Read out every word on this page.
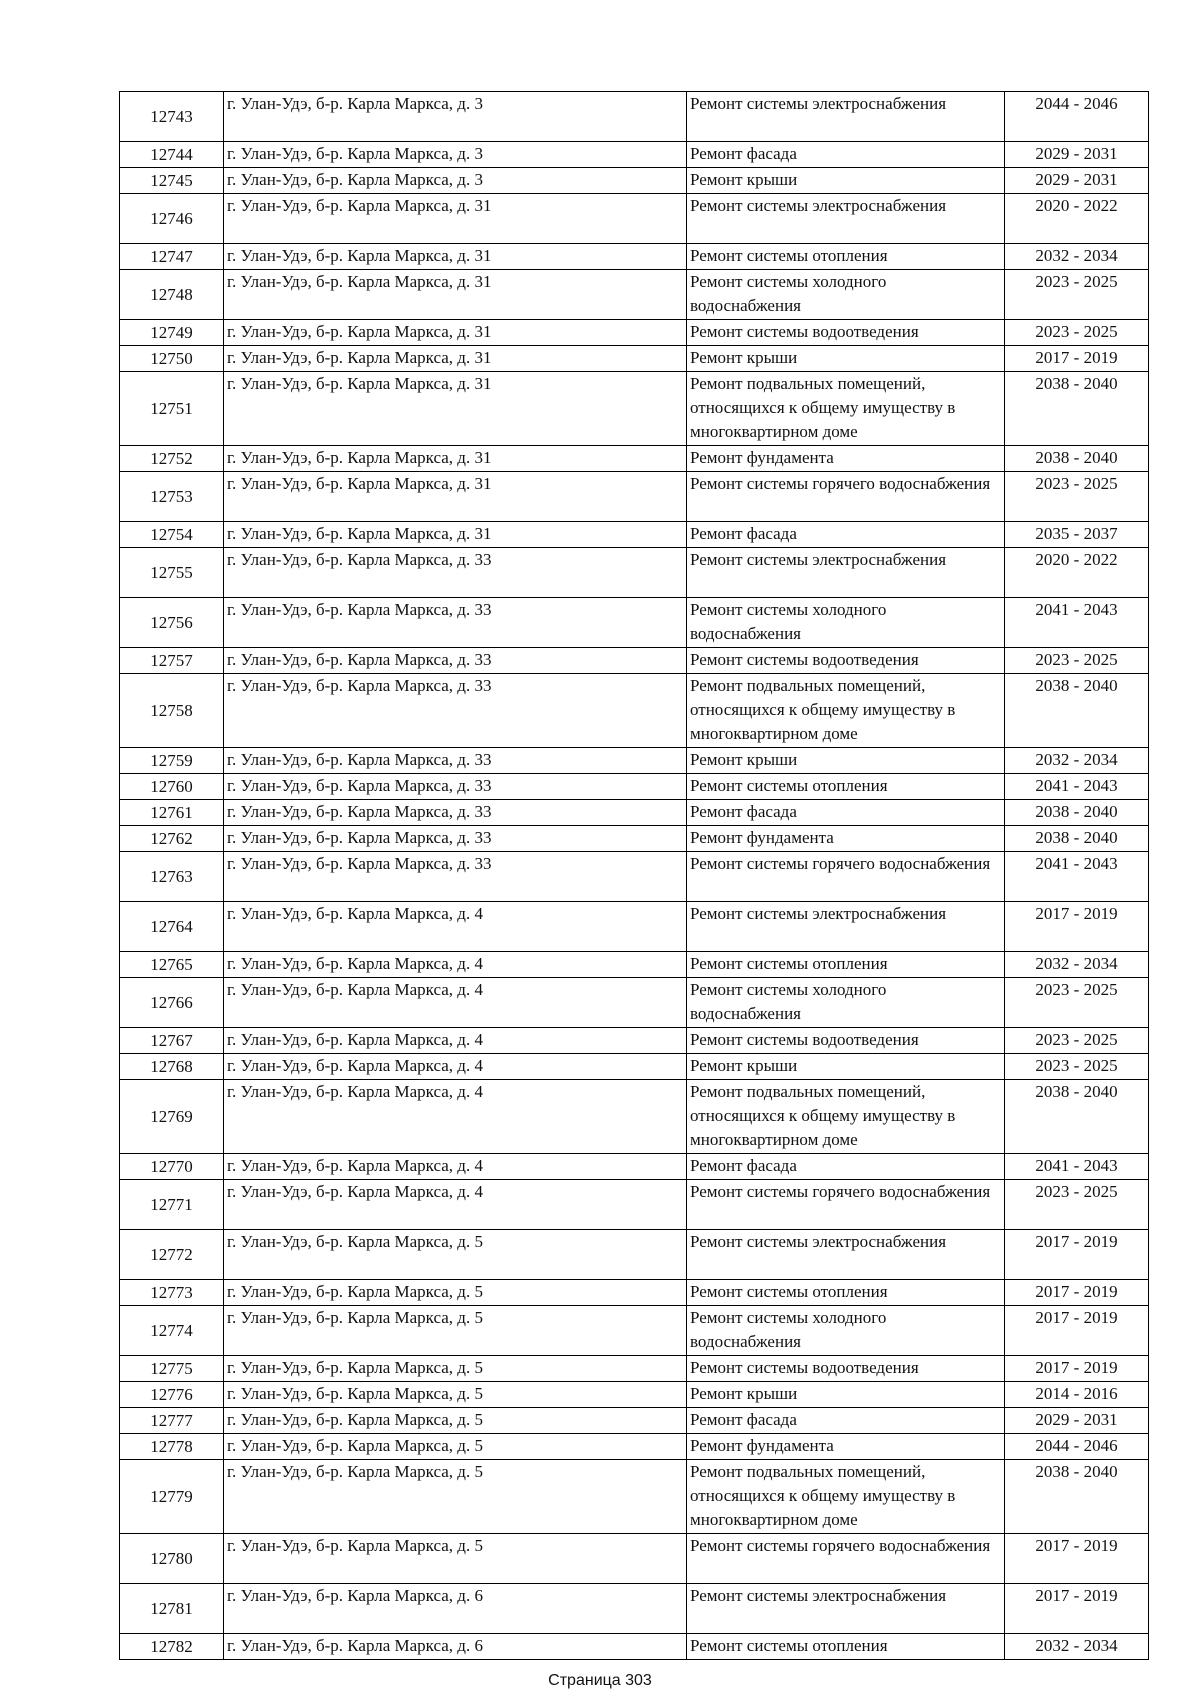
12743	г. Улан-Удэ, б-р. Карла Маркса, д. 3	Ремонт системы электроснабжения	2044 - 2046
12744	г. Улан-Удэ, б-р. Карла Маркса, д. 3	Ремонт фасада	2029 - 2031
12745	г. Улан-Удэ, б-р. Карла Маркса, д. 3	Ремонт крыши	2029 - 2031
12746	г. Улан-Удэ, б-р. Карла Маркса, д. 31	Ремонт системы электроснабжения	2020 - 2022
12747	г. Улан-Удэ, б-р. Карла Маркса, д. 31	Ремонт системы отопления	2032 - 2034
12748	г. Улан-Удэ, б-р. Карла Маркса, д. 31	Ремонт системы холодного водоснабжения	2023 - 2025
12749	г. Улан-Удэ, б-р. Карла Маркса, д. 31	Ремонт системы водоотведения	2023 - 2025
12750	г. Улан-Удэ, б-р. Карла Маркса, д. 31	Ремонт крыши	2017 - 2019
12751	г. Улан-Удэ, б-р. Карла Маркса, д. 31	Ремонт подвальных помещений, относящихся к общему имуществу в многоквартирном доме	2038 - 2040
12752	г. Улан-Удэ, б-р. Карла Маркса, д. 31	Ремонт фундамента	2038 - 2040
12753	г. Улан-Удэ, б-р. Карла Маркса, д. 31	Ремонт системы горячего водоснабжения	2023 - 2025
12754	г. Улан-Удэ, б-р. Карла Маркса, д. 31	Ремонт фасада	2035 - 2037
12755	г. Улан-Удэ, б-р. Карла Маркса, д. 33	Ремонт системы электроснабжения	2020 - 2022
12756	г. Улан-Удэ, б-р. Карла Маркса, д. 33	Ремонт системы холодного водоснабжения	2041 - 2043
12757	г. Улан-Удэ, б-р. Карла Маркса, д. 33	Ремонт системы водоотведения	2023 - 2025
12758	г. Улан-Удэ, б-р. Карла Маркса, д. 33	Ремонт подвальных помещений, относящихся к общему имуществу в многоквартирном доме	2038 - 2040
12759	г. Улан-Удэ, б-р. Карла Маркса, д. 33	Ремонт крыши	2032 - 2034
12760	г. Улан-Удэ, б-р. Карла Маркса, д. 33	Ремонт системы отопления	2041 - 2043
12761	г. Улан-Удэ, б-р. Карла Маркса, д. 33	Ремонт фасада	2038 - 2040
12762	г. Улан-Удэ, б-р. Карла Маркса, д. 33	Ремонт фундамента	2038 - 2040
12763	г. Улан-Удэ, б-р. Карла Маркса, д. 33	Ремонт системы горячего водоснабжения	2041 - 2043
12764	г. Улан-Удэ, б-р. Карла Маркса, д. 4	Ремонт системы электроснабжения	2017 - 2019
12765	г. Улан-Удэ, б-р. Карла Маркса, д. 4	Ремонт системы отопления	2032 - 2034
12766	г. Улан-Удэ, б-р. Карла Маркса, д. 4	Ремонт системы холодного водоснабжения	2023 - 2025
12767	г. Улан-Удэ, б-р. Карла Маркса, д. 4	Ремонт системы водоотведения	2023 - 2025
12768	г. Улан-Удэ, б-р. Карла Маркса, д. 4	Ремонт крыши	2023 - 2025
12769	г. Улан-Удэ, б-р. Карла Маркса, д. 4	Ремонт подвальных помещений, относящихся к общему имуществу в многоквартирном доме	2038 - 2040
12770	г. Улан-Удэ, б-р. Карла Маркса, д. 4	Ремонт фасада	2041 - 2043
12771	г. Улан-Удэ, б-р. Карла Маркса, д. 4	Ремонт системы горячего водоснабжения	2023 - 2025
12772	г. Улан-Удэ, б-р. Карла Маркса, д. 5	Ремонт системы электроснабжения	2017 - 2019
12773	г. Улан-Удэ, б-р. Карла Маркса, д. 5	Ремонт системы отопления	2017 - 2019
12774	г. Улан-Удэ, б-р. Карла Маркса, д. 5	Ремонт системы холодного водоснабжения	2017 - 2019
12775	г. Улан-Удэ, б-р. Карла Маркса, д. 5	Ремонт системы водоотведения	2017 - 2019
12776	г. Улан-Удэ, б-р. Карла Маркса, д. 5	Ремонт крыши	2014 - 2016
12777	г. Улан-Удэ, б-р. Карла Маркса, д. 5	Ремонт фасада	2029 - 2031
12778	г. Улан-Удэ, б-р. Карла Маркса, д. 5	Ремонт фундамента	2044 - 2046
12779	г. Улан-Удэ, б-р. Карла Маркса, д. 5	Ремонт подвальных помещений, относящихся к общему имуществу в многоквартирном доме	2038 - 2040
12780	г. Улан-Удэ, б-р. Карла Маркса, д. 5	Ремонт системы горячего водоснабжения	2017 - 2019
12781	г. Улан-Удэ, б-р. Карла Маркса, д. 6	Ремонт системы электроснабжения	2017 - 2019
12782	г. Улан-Удэ, б-р. Карла Маркса, д. 6	Ремонт системы отопления	2032 - 2034
Страница 303
